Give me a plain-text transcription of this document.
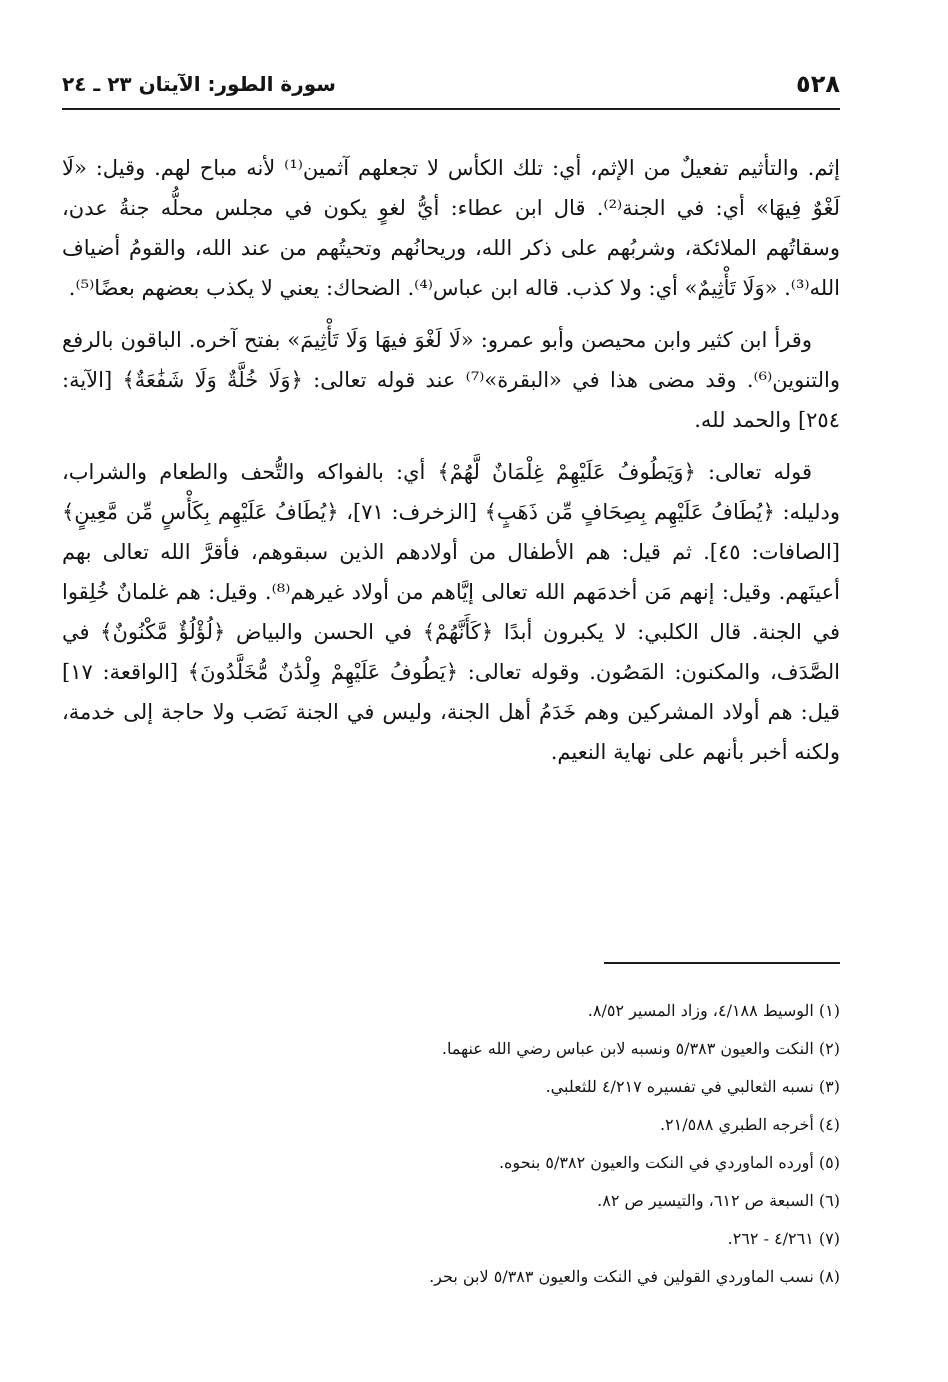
٥٢٨
سورة الطور: الآيتان ٢٣ ـ ٢٤

إثم. والتأثيم تفعيلٌ من الإثم، أي: تلك الكأس لا تجعلهم آثمين⁽¹⁾ لأنه مباح لهم. وقيل: «لَا لَغْوٌ فِيهَا» أي: في الجنة⁽²⁾. قال ابن عطاء: أيُّ لغوٍ يكون في مجلس محلُّه جنةُ عدن، وسقاتُهم الملائكة، وشربُهم على ذكر الله، وريحانُهم وتحيتُهم من عند الله، والقومُ أضياف الله⁽³⁾. «وَلَا تَأْثِيمٌ» أي: ولا كذب. قاله ابن عباس⁽⁴⁾. الضحاك: يعني لا يكذب بعضهم بعضًا⁽⁵⁾.

وقرأ ابن كثير وابن محيصن وأبو عمرو: «لَا لَغْوَ فيهَا وَلَا تَأْثِيمَ» بفتح آخره. الباقون بالرفع والتنوين⁽⁶⁾. وقد مضى هذا في «البقرة»⁽⁷⁾ عند قوله تعالى: ﴿وَلَا خُلَّةٌ وَلَا شَفَٰعَةٌ﴾ [الآية: ٢٥٤] والحمد لله.

قوله تعالى: ﴿وَيَطُوفُ عَلَيْهِمْ غِلْمَانٌ لَّهُمْ﴾ أي: بالفواكه والتُّحف والطعام والشراب، ودليله: ﴿يُطَافُ عَلَيْهِم بِصِحَافٍ مِّن ذَهَبٍ﴾ [الزخرف: ٧١]، ﴿يُطَافُ عَلَيْهِم بِكَأْسٍ مِّن مَّعِينٍ﴾ [الصافات: ٤٥]. ثم قيل: هم الأطفال من أولادهم الذين سبقوهم، فأقرَّ الله تعالى بهم أعينَهم. وقيل: إنهم مَن أخدمَهم الله تعالى إيَّاهم من أولاد غيرهم⁽⁸⁾. وقيل: هم غلمانٌ خُلِقوا في الجنة. قال الكلبي: لا يكبرون أبدًا ﴿كَأَنَّهُمْ﴾ في الحسن والبياض ﴿لُؤْلُؤٌ مَّكْنُونٌ﴾ في الصَّدَف، والمكنون: المَصُون. وقوله تعالى: ﴿يَطُوفُ عَلَيْهِمْ وِلْدَٰنٌ مُّخَلَّدُونَ﴾ [الواقعة: ١٧] قيل: هم أولاد المشركين وهم خَدَمُ أهل الجنة، وليس في الجنة نَصَب ولا حاجة إلى خدمة، ولكنه أخبر بأنهم على نهاية النعيم.

(١) الوسيط ٤/١٨٨، وزاد المسير ٨/٥٢.
(٢) النكت والعيون ٥/٣٨٣ ونسبه لابن عباس رضي الله عنهما.
(٣) نسبه الثعالبي في تفسيره ٤/٢١٧ للثعلبي.
(٤) أخرجه الطبري ٢١/٥٨٨.
(٥) أورده الماوردي في النكت والعيون ٥/٣٨٢ بنحوه.
(٦) السبعة ص ٦١٢، والتيسير ص ٨٢.
(٧) ٤/٢٦١ - ٢٦٢.
(٨) نسب الماوردي القولين في النكت والعيون ٥/٣٨٣ لابن بحر.
